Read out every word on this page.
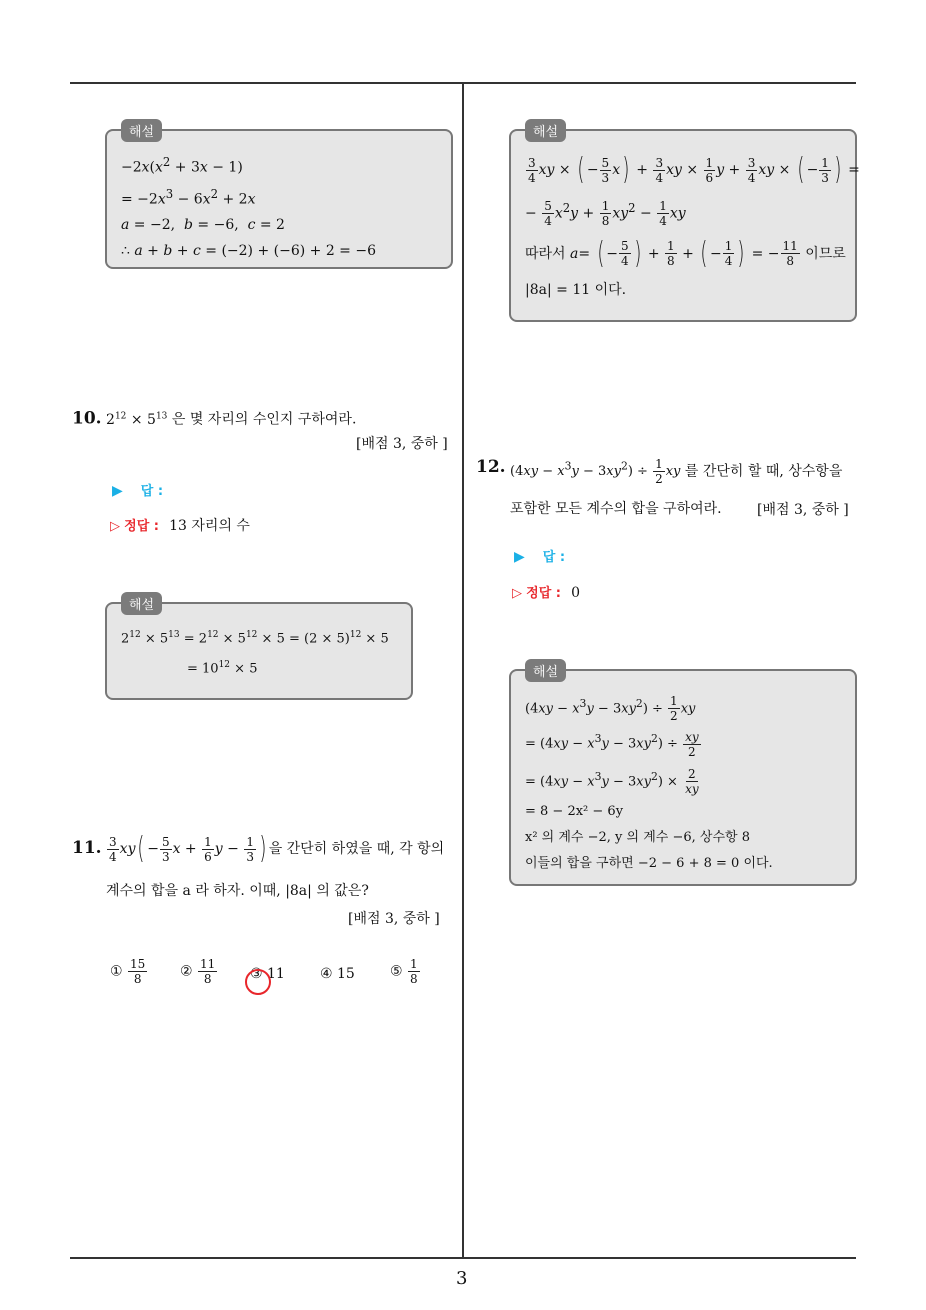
3
해설
$-2x(x^2 + 3x - 1)$
= $-2x^3 - 6x^2 + 2x$
a = −2,  b = −6,  c = 2
∴ a + b + c = (−2) + (−6) + 2 = −6
10. $2^{12} \times 5^{13}$ 은 몇 자리의 수인지 구하여라.
[배점 3, 중하 ]
▶ 답 :
▷ 정답 : 13 자리의 수
해설
$2^{12} \times 5^{13} = 2^{12} \times 5^{12} \times 5 = (2 \times 5)^{12} \times 5$
= $10^{12} \times 5$
11. $\frac{3}{4} xy( - \frac{5}{3}$ $x + \frac{1}{6}$ $y - \frac{1}{3}$ ) 을 간단히 하였을 때, 각 항의
계수의 합을 a 라 하자. 이때, |8a| 의 값은?
[배점 3, 중하 ]
① $\frac{15}{8}$ ② $\frac{11}{8}$ ③ 11	④ 15	⑤ $\frac{1}{8}$
해설
$\frac{3}{4}$ xy × ( − $\frac{5}{3} x) + \frac{3}{4}$ xy × $\frac{1}{6}$ $y + \frac{3}{4}$ xy × ( − $\frac{1}{3}$ ) =
− $\frac{5}{4} x^2y + \frac{1}{8} xy^2 - \frac{1}{4}$ xy
따라서 a= ( − $\frac{5}{4}$ ) + $\frac{1}{8}$ + ( − $\frac{1}{4}$ ) = − $\frac{11}{8}$ 이므로
|8a| = 11 이다.
12. $(4xy - x^3y - 3xy^2) \div \frac{1}{2}$ xy 를 간단히 할 때, 상수항을
포함한 모든 계수의 합을 구하여라.	[배점 3, 중하 ]
▶ 답 :
▷ 정답 : 0
해설
$(4xy - x^3y - 3xy^2) \div \frac{1}{2}$ xy
= $(4xy - x^3y - 3xy^2) \div \frac{xy}{2}$
= $(4xy - x^3y - 3xy^2) \times \frac{2}{xy}$
= 8 − 2x² − 6y
x² 의 계수 −2, y 의 계수 −6, 상수항 8
이들의 합을 구하면 −2 − 6 + 8 = 0 이다.
